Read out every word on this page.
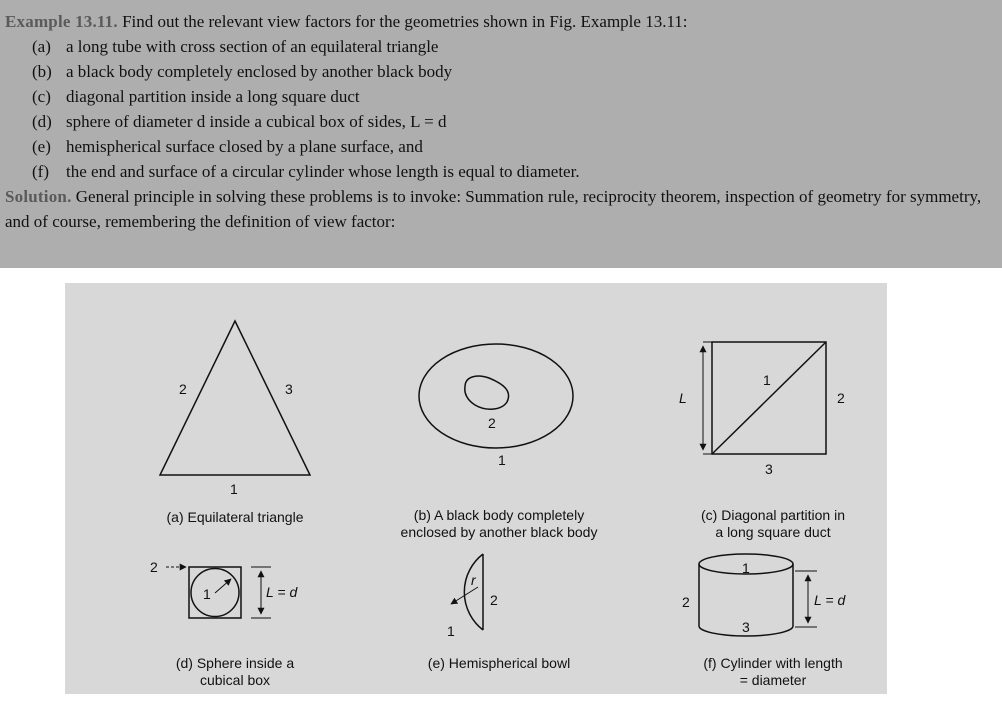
Example 13.11. Find out the relevant view factors for the geometries shown in Fig. Example 13.11:
(a) a long tube with cross section of an equilateral triangle
(b) a black body completely enclosed by another black body
(c) diagonal partition inside a long square duct
(d) sphere of diameter d inside a cubical box of sides, L = d
(e) hemispherical surface closed by a plane surface, and
(f) the end and surface of a circular cylinder whose length is equal to diameter.
Solution. General principle in solving these problems is to invoke: Summation rule, reciprocity theorem, inspection of geometry for symmetry, and of course, remembering the definition of view factor:
2	3
1
2
1
L
1
2
3
2
1	L = d
r
2
1
1
2
3
L = d
(a) Equilateral triangle	(b) A black body completely
enclosed by another black body
(c) Diagonal partition in
a long square duct
(d) Sphere inside a
cubical box
(e) Hemispherical bowl	(f) Cylinder with length
= diameter
